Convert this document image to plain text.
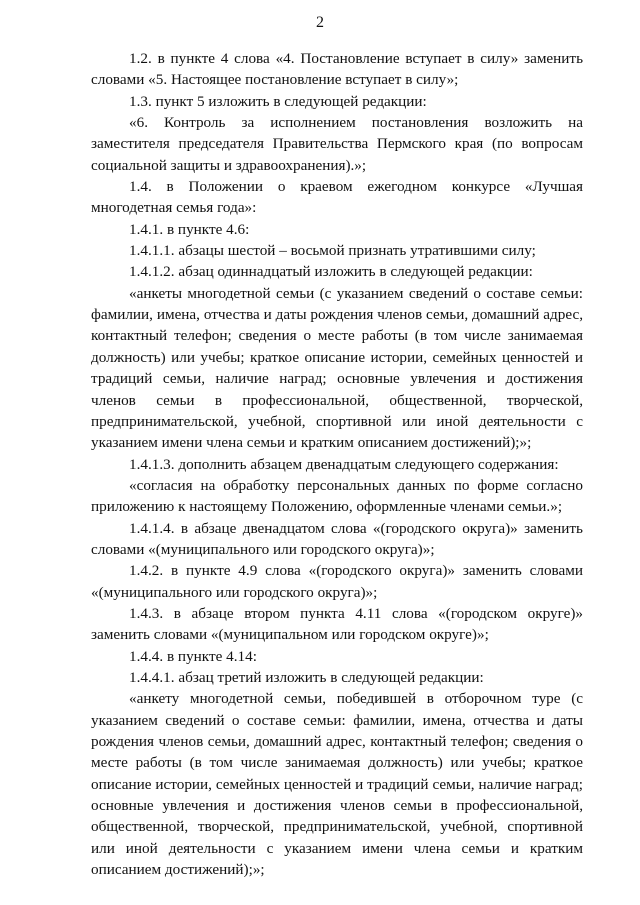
2

1.2. в пункте 4 слова «4. Постановление вступает в силу» заменить словами «5. Настоящее постановление вступает в силу»;

1.3. пункт 5 изложить в следующей редакции:

«6. Контроль за исполнением постановления возложить на заместителя председателя Правительства Пермского края (по вопросам социальной защиты и здравоохранения).»;

1.4. в Положении о краевом ежегодном конкурсе «Лучшая многодетная семья года»:

1.4.1. в пункте 4.6:

1.4.1.1. абзацы шестой – восьмой признать утратившими силу;

1.4.1.2. абзац одиннадцатый изложить в следующей редакции:

«анкеты многодетной семьи (с указанием сведений о составе семьи: фамилии, имена, отчества и даты рождения членов семьи, домашний адрес, контактный телефон; сведения о месте работы (в том числе занимаемая должность) или учебы; краткое описание истории, семейных ценностей и традиций семьи, наличие наград; основные увлечения и достижения членов семьи в профессиональной, общественной, творческой, предпринимательской, учебной, спортивной или иной деятельности с указанием имени члена семьи и кратким описанием достижений);»;

1.4.1.3. дополнить абзацем двенадцатым следующего содержания:

«согласия на обработку персональных данных по форме согласно приложению к настоящему Положению, оформленные членами семьи.»;

1.4.1.4. в абзаце двенадцатом слова «(городского округа)» заменить словами «(муниципального или городского округа)»;

1.4.2. в пункте 4.9 слова «(городского округа)» заменить словами «(муниципального или городского округа)»;

1.4.3. в абзаце втором пункта 4.11 слова «(городском округе)» заменить словами «(муниципальном или городском округе)»;

1.4.4. в пункте 4.14:

1.4.4.1. абзац третий изложить в следующей редакции:

«анкету многодетной семьи, победившей в отборочном туре (с указанием сведений о составе семьи: фамилии, имена, отчества и даты рождения членов семьи, домашний адрес, контактный телефон; сведения о месте работы (в том числе занимаемая должность) или учебы; краткое описание истории, семейных ценностей и традиций семьи, наличие наград; основные увлечения и достижения членов семьи в профессиональной, общественной, творческой, предпринимательской, учебной, спортивной или иной деятельности с указанием имени члена семьи и кратким описанием достижений);»;
